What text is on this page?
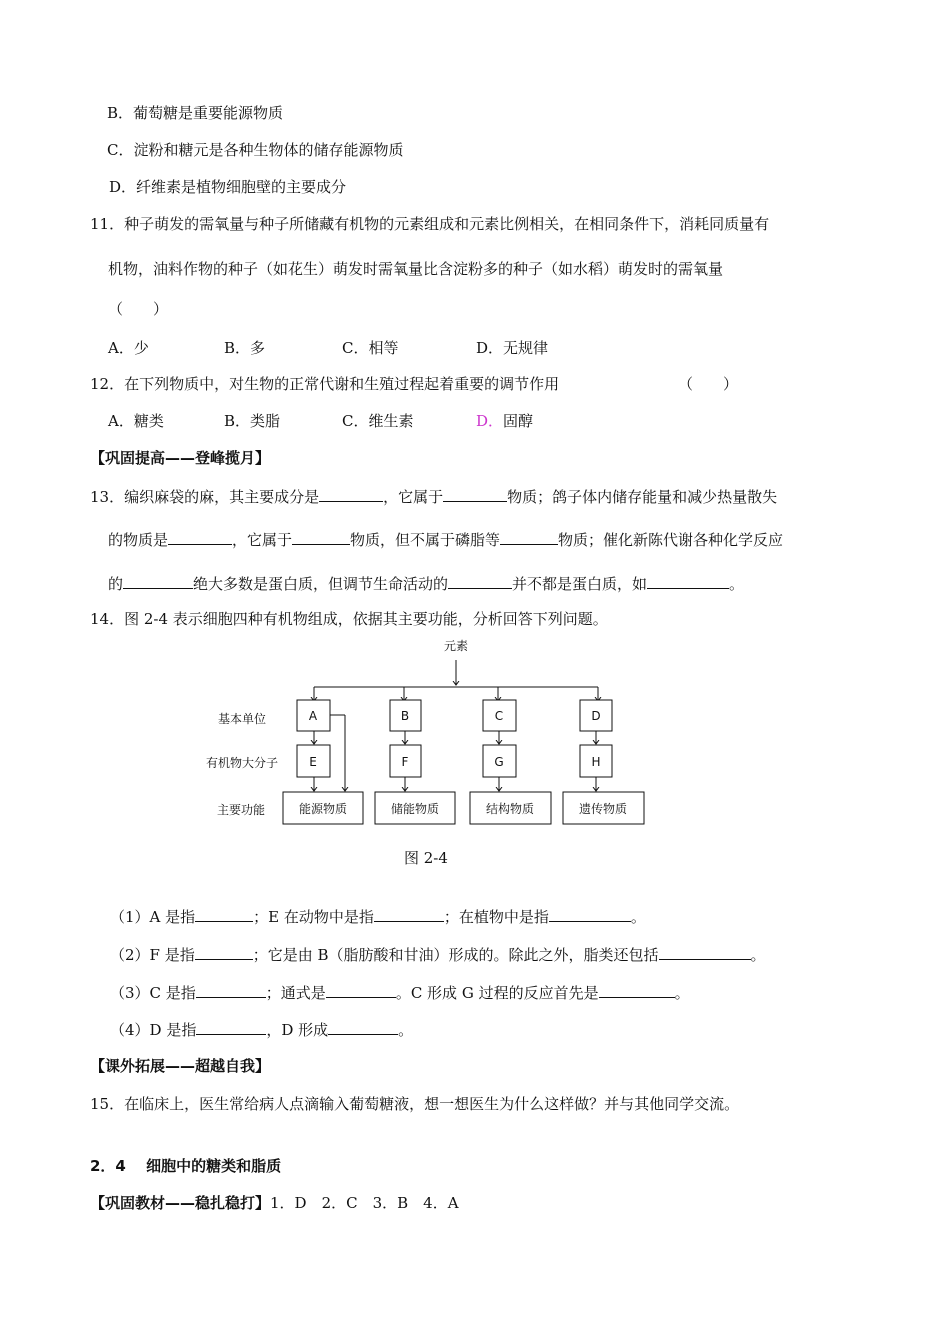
B．葡萄糖是重要能源物质
C．淀粉和糖元是各种生物体的储存能源物质
D．纤维素是植物细胞壁的主要成分
11．种子萌发的需氧量与种子所储藏有机物的元素组成和元素比例相关，在相同条件下，消耗同质量有
机物，油料作物的种子（如花生）萌发时需氧量比含淀粉多的种子（如水稻）萌发时的需氧量
（　　）
A．少	B．多	C．相等	D．无规律
12．在下列物质中，对生物的正常代谢和生殖过程起着重要的调节作用	（　　）
A．糖类	B．类脂	C．维生素	D．固醇
【巩固提高——登峰揽月】
13．编织麻袋的麻，其主要成分是	，它属于	物质；鸽子体内储存能量和减少热量散失
的物质是	，它属于	物质，但不属于磷脂等	物质；催化新陈代谢各种化学反应
的	绝大多数是蛋白质，但调节生命活动的	并不都是蛋白质，如	。
14．图 2-4 表示细胞四种有机物组成，依据其主要功能，分析回答下列问题。
元素
基本单位
有机物大分子
主要功能
A	B	C	D
E	F	G	H
能源物质	储能物质	结构物质	遗传物质
图 2-4
（1）A 是指	；E 在动物中是指	；在植物中是指	。
（2）F 是指	；它是由 B（脂肪酸和甘油）形成的。除此之外，脂类还包括	。
（3）C 是指	；通式是	。C 形成 G 过程的反应首先是	。
（4）D 是指	，D 形成	。
【课外拓展——超越自我】
15．在临床上，医生常给病人点滴输入葡萄糖液，想一想医生为什么这样做？并与其他同学交流。
2．4　 细胞中的糖类和脂质
【巩固教材——稳扎稳打】1．D　2．C　3．B　4．A
